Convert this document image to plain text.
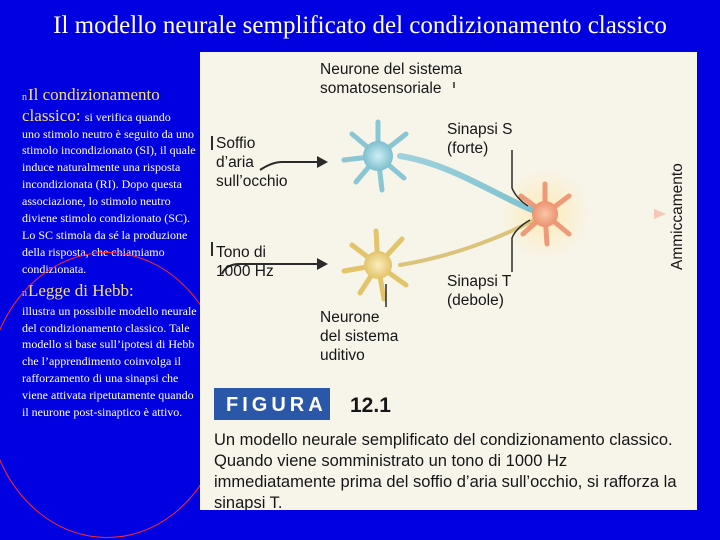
Il modello neurale semplificato del condizionamento classico
nIl condizionamento
classico: si verifica quando
uno stimolo neutro è seguito da uno stimolo incondizionato (SI), il quale induce naturalmente una risposta incondizionata (RI). Dopo questa associazione, lo stimolo neutro diviene stimolo condizionato (SC). Lo SC stimola da sé la produzione della risposta, che chiamiamo condizionata.
nLegge di Hebb:
illustra un possibile modello neurale del condizionamento classico. Tale modello si base sull’ipotesi di Hebb che l’apprendimento coinvolga il rafforzamento di una sinapsi che viene attivata ripetutamente quando il neurone post-sinaptico è attivo.
Neurone del sistema somatosensoriale
Sinapsi S (forte)
Soffio d’aria sull’occhio
Tono di 1000 Hz
Sinapsi T (debole)
Neurone del sistema uditivo
Ammiccamento
FIGURA 12.1
Un modello neurale semplificato del condizionamento classico. Quando viene somministrato un tono di 1000 Hz immediatamente prima del soffio d’aria sull’occhio, si rafforza la sinapsi T.
